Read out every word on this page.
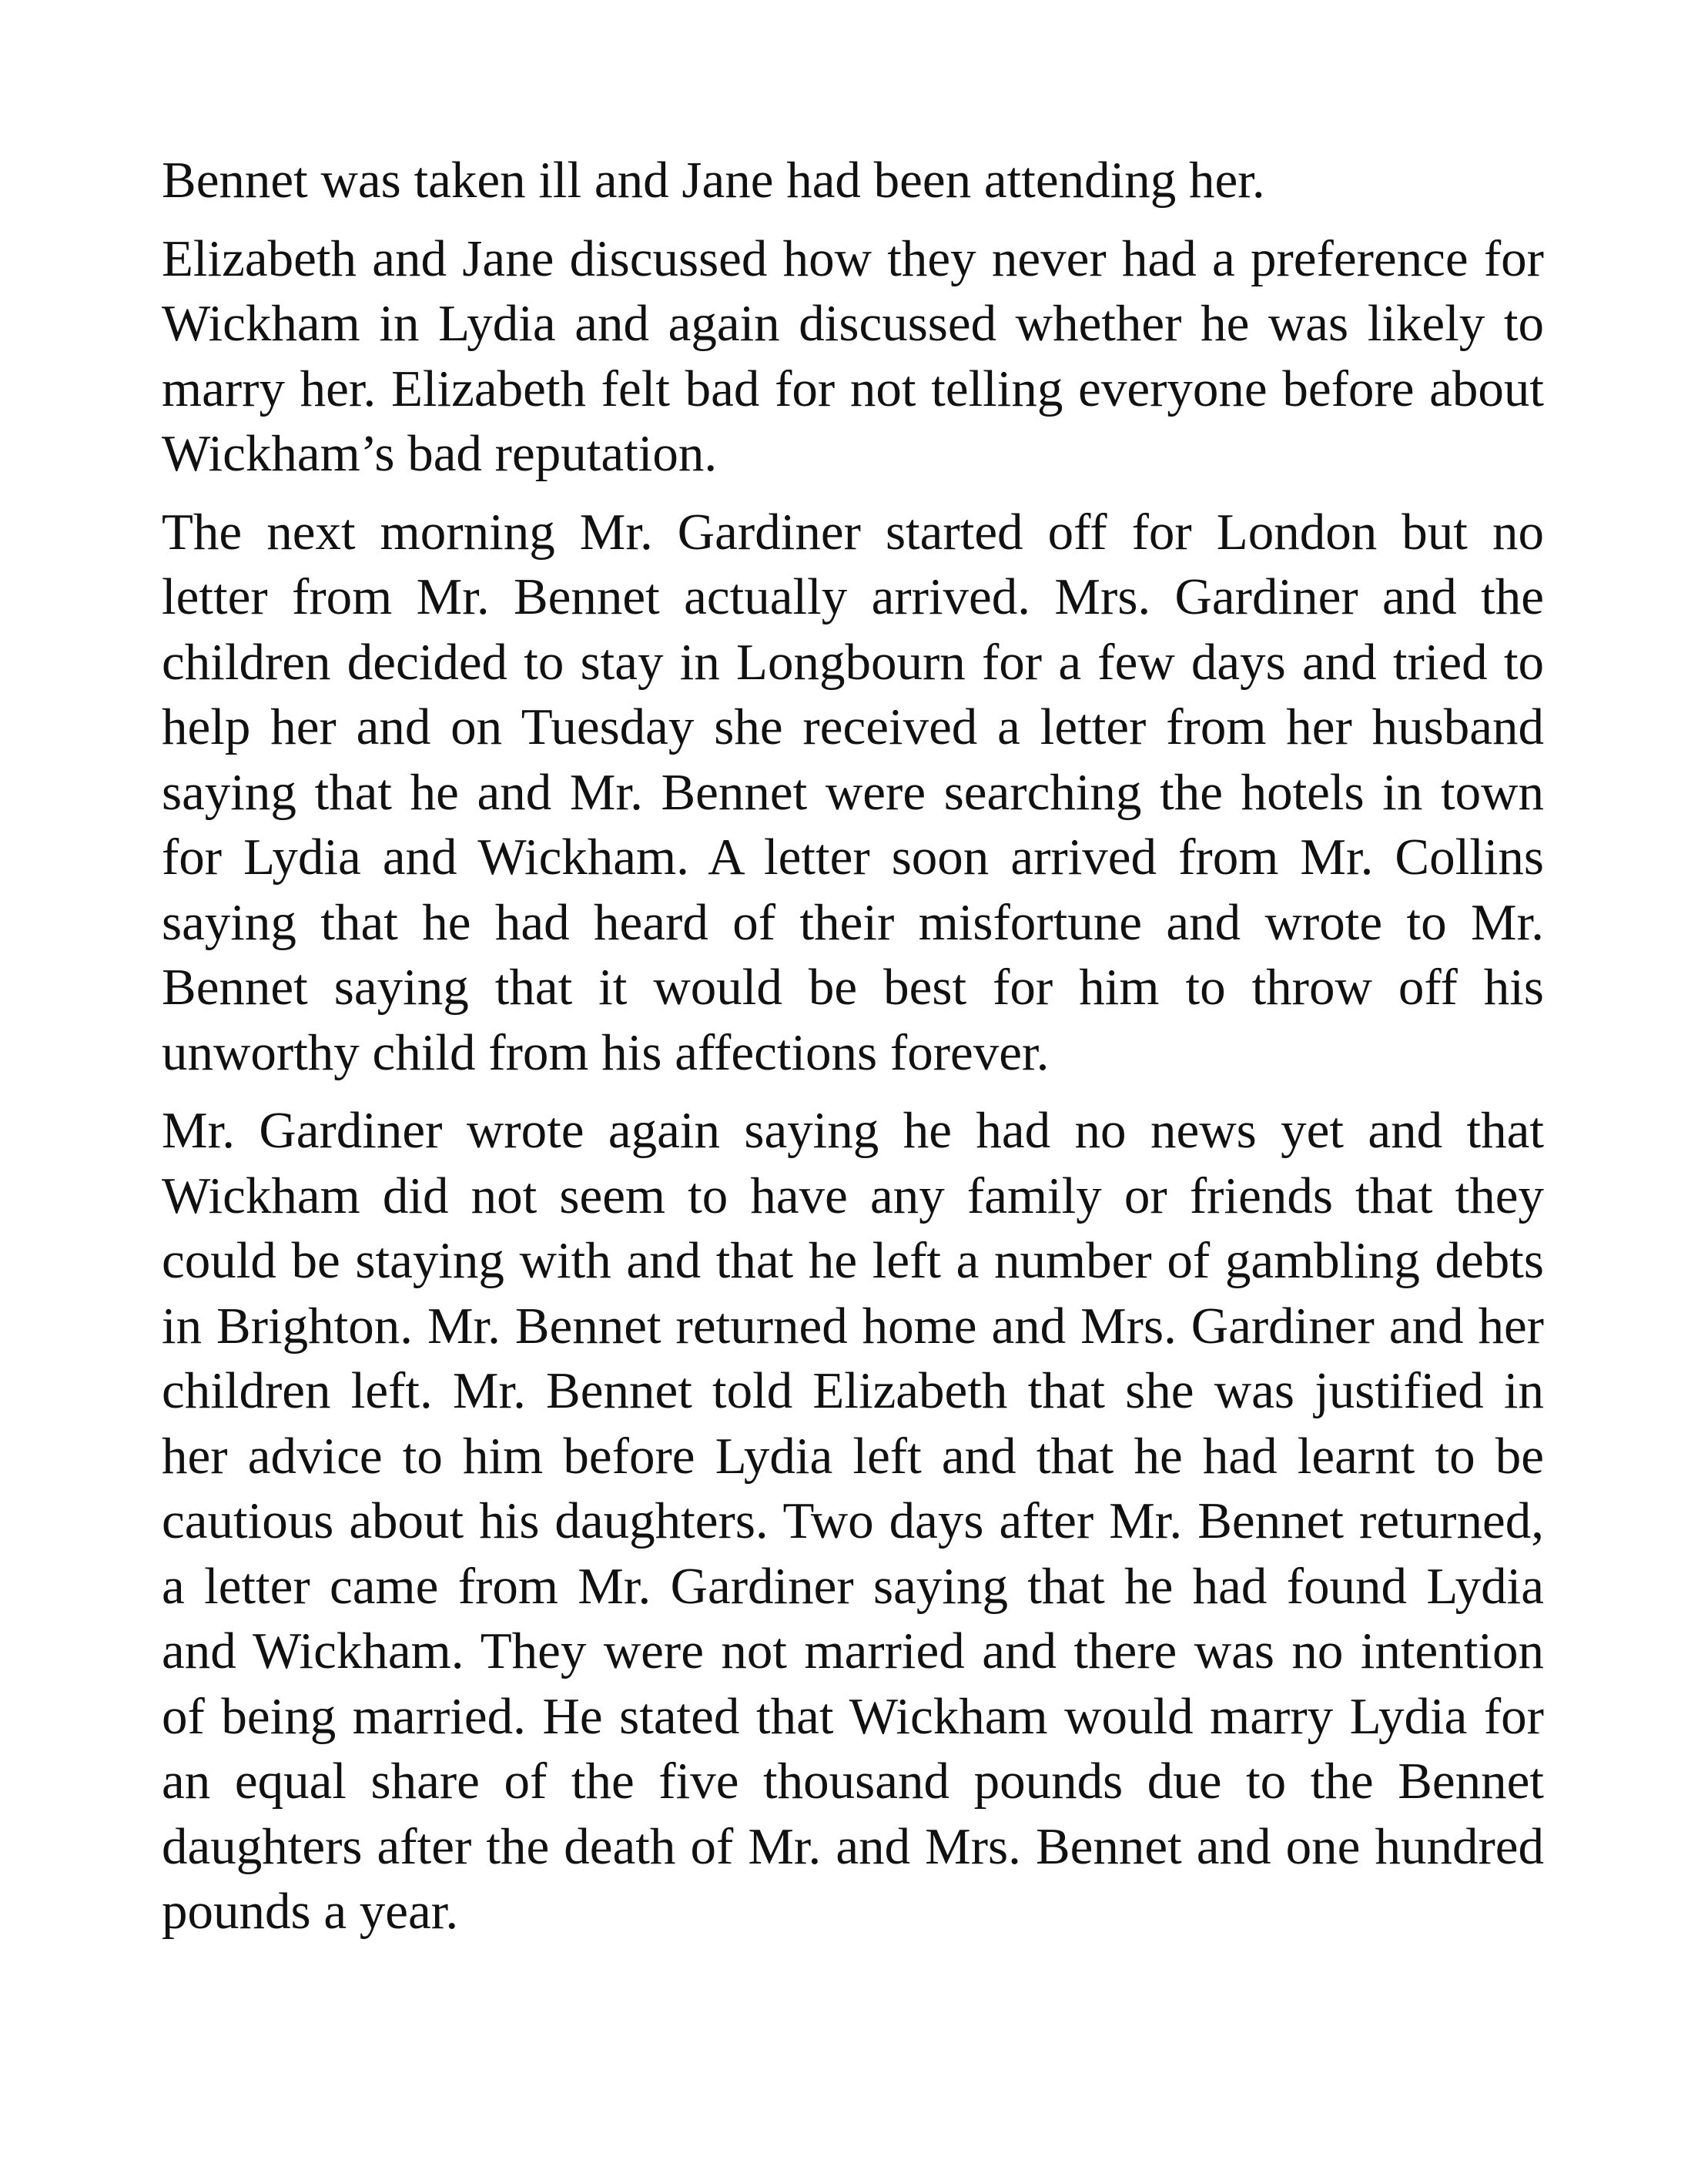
Bennet was taken ill and Jane had been attending her.

Elizabeth and Jane discussed how they never had a preference for Wickham in Lydia and again discussed whether he was likely to marry her. Elizabeth felt bad for not telling everyone before about Wickham’s bad reputation.

The next morning Mr. Gardiner started off for London but no letter from Mr. Bennet actually arrived. Mrs. Gardiner and the children decided to stay in Longbourn for a few days and tried to help her and on Tuesday she received a letter from her husband saying that he and Mr. Bennet were searching the hotels in town for Lydia and Wickham. A letter soon arrived from Mr. Collins saying that he had heard of their misfortune and wrote to Mr. Bennet saying that it would be best for him to throw off his unworthy child from his affections forever.

Mr. Gardiner wrote again saying he had no news yet and that Wickham did not seem to have any family or friends that they could be staying with and that he left a number of gambling debts in Brighton. Mr. Bennet returned home and Mrs. Gardiner and her children left. Mr. Bennet told Elizabeth that she was justified in her advice to him before Lydia left and that he had learnt to be cautious about his daughters. Two days after Mr. Bennet returned, a letter came from Mr. Gardiner saying that he had found Lydia and Wickham. They were not married and there was no intention of being married. He stated that Wickham would marry Lydia for an equal share of the five thousand pounds due to the Bennet daughters after the death of Mr. and Mrs. Bennet and one hundred pounds a year.
